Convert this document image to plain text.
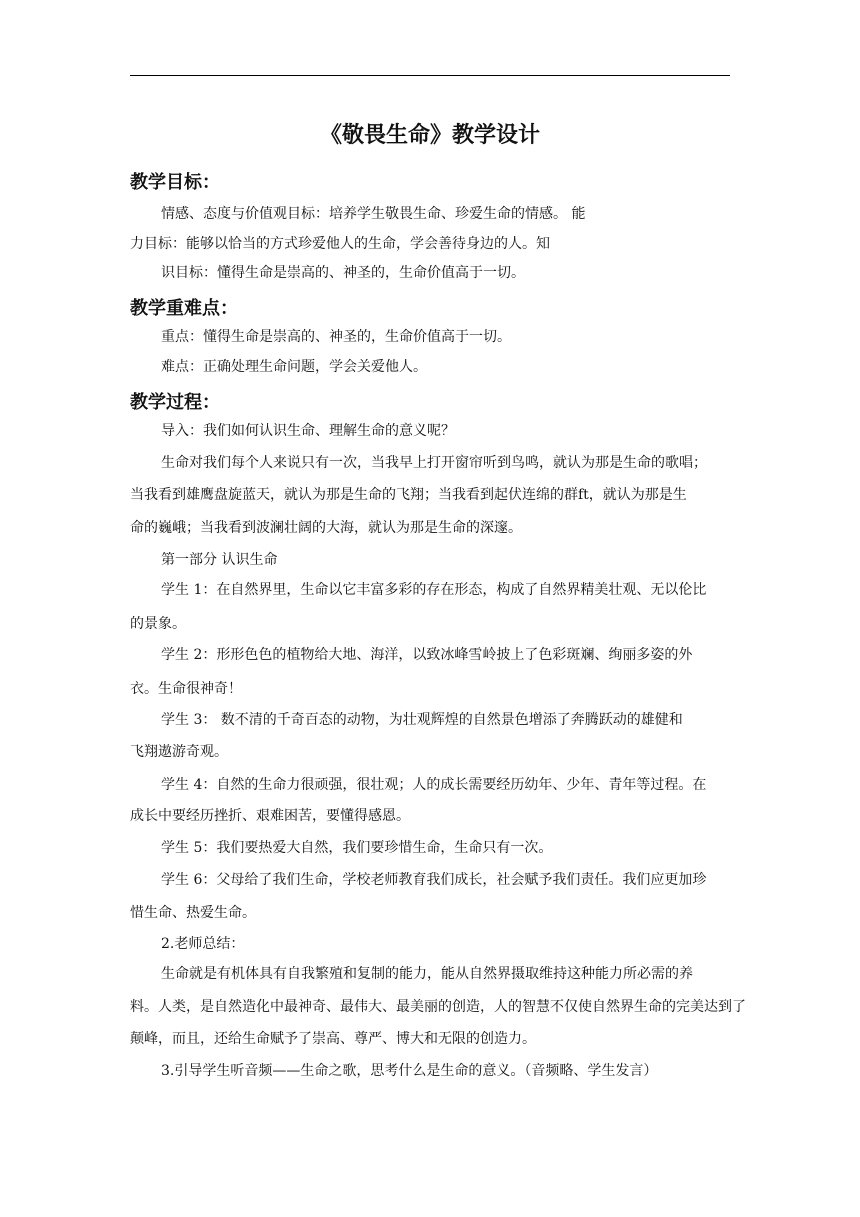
《敬畏生命》教学设计
教学目标：
情感、态度与价值观目标：培养学生敬畏生命、珍爱生命的情感。 能
力目标：能够以恰当的方式珍爱他人的生命，学会善待身边的人。知
识目标：懂得生命是崇高的、神圣的，生命价值高于一切。
教学重难点：
重点：懂得生命是崇高的、神圣的，生命价值高于一切。
难点：正确处理生命问题，学会关爱他人。
教学过程：
导入：我们如何认识生命、理解生命的意义呢？
生命对我们每个人来说只有一次，当我早上打开窗帘听到鸟鸣，就认为那是生命的歌唱；
当我看到雄鹰盘旋蓝天，就认为那是生命的飞翔；当我看到起伏连绵的群ft，就认为那是生
命的巍峨；当我看到波澜壮阔的大海，就认为那是生命的深邃。
第一部分 认识生命
学生 1：在自然界里，生命以它丰富多彩的存在形态，构成了自然界精美壮观、无以伦比
的景象。
学生 2：形形色色的植物给大地、海洋，以致冰峰雪岭披上了色彩斑斓、绚丽多姿的外
衣。生命很神奇！
学生 3： 数不清的千奇百态的动物，为壮观辉煌的自然景色增添了奔腾跃动的雄健和
飞翔遨游奇观。
学生 4：自然的生命力很顽强，很壮观；人的成长需要经历幼年、少年、青年等过程。在
成长中要经历挫折、艰难困苦，要懂得感恩。
学生 5：我们要热爱大自然，我们要珍惜生命，生命只有一次。
学生 6：父母给了我们生命，学校老师教育我们成长，社会赋予我们责任。我们应更加珍
惜生命、热爱生命。
2.老师总结：
生命就是有机体具有自我繁殖和复制的能力，能从自然界摄取维持这种能力所必需的养
料。人类，是自然造化中最神奇、最伟大、最美丽的创造，人的智慧不仅使自然界生命的完美达到了
颠峰，而且，还给生命赋予了崇高、尊严、博大和无限的创造力。
3.引导学生听音频——生命之歌，思考什么是生命的意义。（音频略、学生发言）
